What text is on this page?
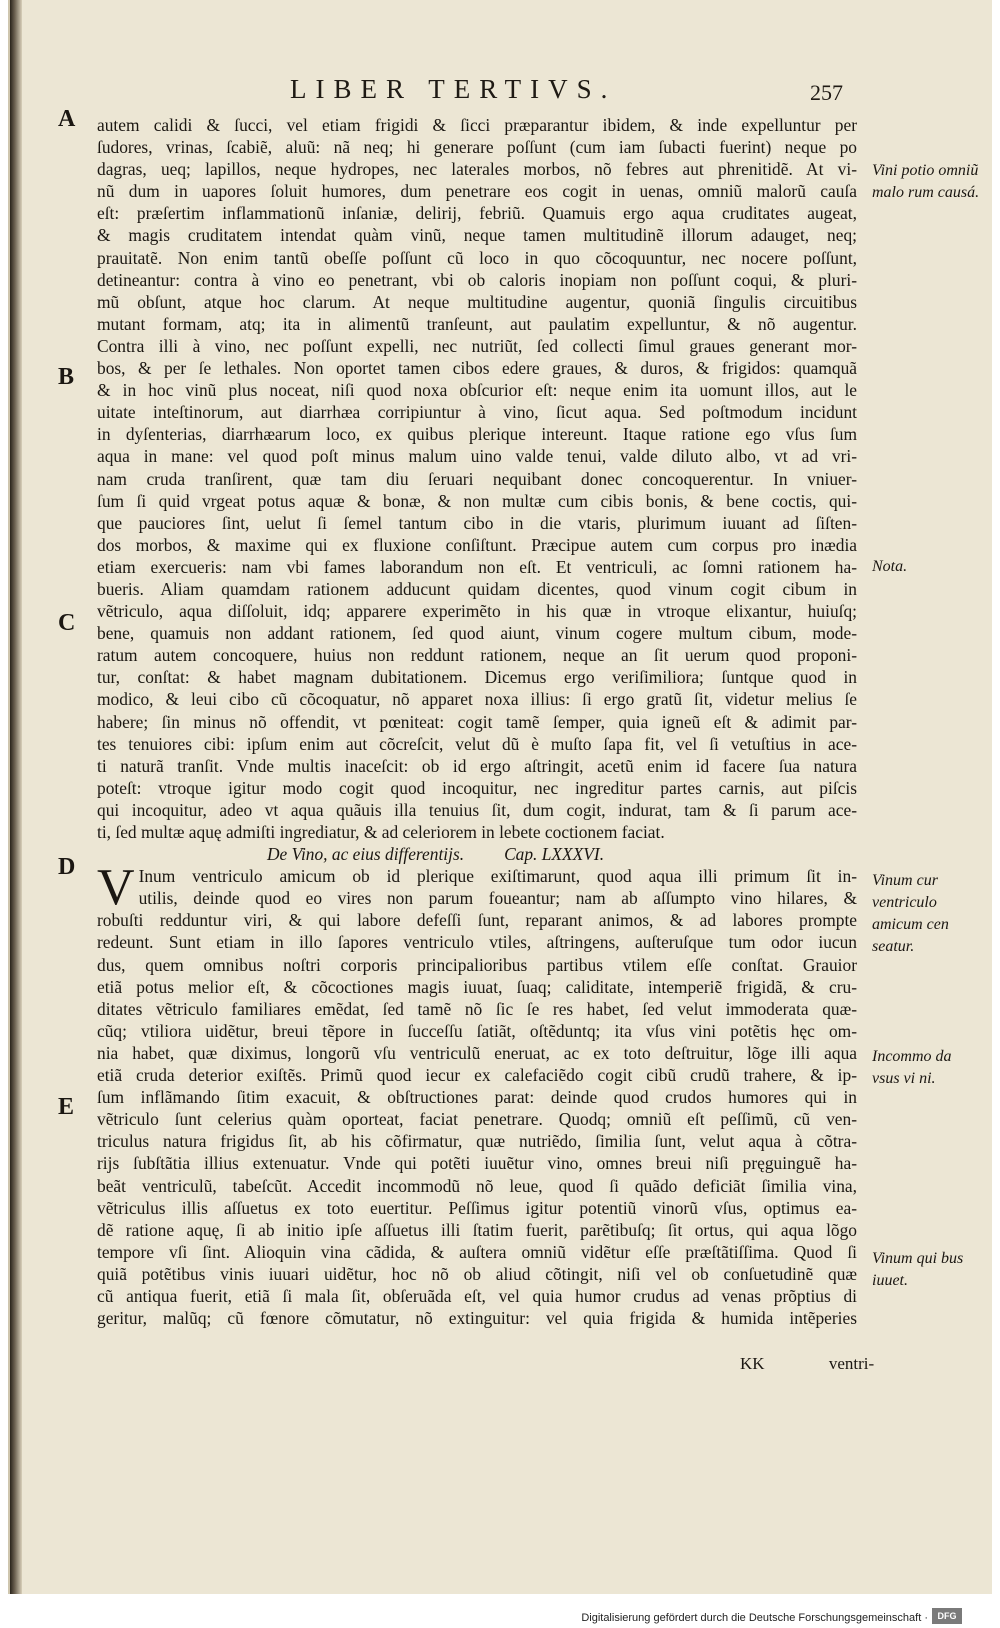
LIBER TERTIVS.	257
A
B
C
D
E
Vini potio omniũ malo rum causá.
Nota.
Vinum cur ventriculo amicum cen seatur.
Incommo da vsus vi ni.
Vinum qui bus iuuet.
autem calidi & ſucci, vel etiam frigidi & ſicci præparantur ibidem, & inde expelluntur per
ſudores, vrinas, ſcabiẽ, aluũ: nã neq; hi generare poſſunt (cum iam ſubacti fuerint) neque po
dagras, ueq; lapillos, neque hydropes, nec laterales morbos, nõ febres aut phrenitidẽ. At vi-
nũ dum in uapores ſoluit humores, dum penetrare eos cogit in uenas, omniũ malorũ cauſa
eſt: præſertim inflammationũ inſaniæ, delirij, febriũ. Quamuis ergo aqua cruditates augeat,
& magis cruditatem intendat quàm vinũ, neque tamen multitudinẽ illorum adauget, neq;
prauitatẽ. Non enim tantũ obeſſe poſſunt cũ loco in quo cõcoquuntur, nec nocere poſſunt,
detineantur: contra à vino eo penetrant, vbi ob caloris inopiam non poſſunt coqui, & pluri-
mũ obſunt, atque hoc clarum. At neque multitudine augentur, quoniã ſingulis circuitibus
mutant formam, atq; ita in alimentũ tranſeunt, aut paulatim expelluntur, & nõ augentur.
Contra illi à vino, nec poſſunt expelli, nec nutriũt, ſed collecti ſimul graues generant mor-
bos, & per ſe lethales. Non oportet tamen cibos edere graues, & duros, & frigidos: quamquã
& in hoc vinũ plus noceat, niſi quod noxa obſcurior eſt: neque enim ita uomunt illos, aut le
uitate inteſtinorum, aut diarrhæa corripiuntur à vino, ſicut aqua. Sed poſtmodum incidunt
in dyſenterias, diarrhæarum loco, ex quibus plerique intereunt. Itaque ratione ego vſus ſum
aqua in mane: vel quod poſt minus malum uino valde tenui, valde diluto albo, vt ad vri-
nam cruda tranſirent, quæ tam diu ſeruari nequibant donec concoquerentur. In vniuer-
ſum ſi quid vrgeat potus aquæ & bonæ, & non multæ cum cibis bonis, & bene coctis, qui-
que pauciores ſint, uelut ſi ſemel tantum cibo in die vtaris, plurimum iuuant ad ſiſten-
dos morbos, & maxime qui ex fluxione conſiſtunt. Præcipue autem cum corpus pro inædia
etiam exercueris: nam vbi fames laborandum non eſt. Et ventriculi, ac ſomni rationem ha-
bueris. Aliam quamdam rationem adducunt quidam dicentes, quod vinum cogit cibum in
vẽtriculo, aqua diſſoluit, idq; apparere experimẽto in his quæ in vtroque elixantur, huiuſq;
bene, quamuis non addant rationem, ſed quod aiunt, vinum cogere multum cibum, mode-
ratum autem concoquere, huius non reddunt rationem, neque an ſit uerum quod proponi-
tur, conſtat: & habet magnam dubitationem. Dicemus ergo veriſimiliora; ſuntque quod in
modico, & leui cibo cũ cõcoquatur, nõ apparet noxa illius: ſi ergo gratũ ſit, videtur melius ſe
habere; ſin minus nõ offendit, vt pœniteat: cogit tamẽ ſemper, quia igneũ eſt & adimit par-
tes tenuiores cibi: ipſum enim aut cõcreſcit, velut dũ è muſto ſapa fit, vel ſi vetuſtius in ace-
ti naturã tranſit. Vnde multis inaceſcit: ob id ergo aſtringit, acetũ enim id facere ſua natura
poteſt: vtroque igitur modo cogit quod incoquitur, nec ingreditur partes carnis, aut piſcis
qui incoquitur, adeo vt aqua quãuis illa tenuius ſit, dum cogit, indurat, tam & ſi parum ace-
ti, ſed multæ aquę admiſti ingrediatur, & ad celeriorem in lebete coctionem faciat.
De Vino, ac eius differentijs. Cap. LXXXVI.
V Inum ventriculo amicum ob id plerique exiſtimarunt, quod aqua illi primum ſit in-
utilis, deinde quod eo vires non parum foueantur; nam ab aſſumpto vino hilares, &
robuſti redduntur viri, & qui labore defeſſi ſunt, reparant animos, & ad labores prompte
redeunt. Sunt etiam in illo ſapores ventriculo vtiles, aſtringens, auſteruſque tum odor iucun
dus, quem omnibus noſtri corporis principalioribus partibus vtilem eſſe conſtat. Grauior
etiã potus melior eſt, & cõcoctiones magis iuuat, ſuaq; caliditate, intemperiẽ frigidã, & cru-
ditates vẽtriculo familiares emẽdat, ſed tamẽ nõ ſic ſe res habet, ſed velut immoderata quæ-
cũq; vtiliora uidẽtur, breui tẽpore in ſucceſſu ſatiãt, oſtẽduntq; ita vſus vini potẽtis hęc om-
nia habet, quæ diximus, longorũ vſu ventriculũ eneruat, ac ex toto deſtruitur, lõge illi aqua
etiã cruda deterior exiſtẽs. Primũ quod iecur ex calefaciẽdo cogit cibũ crudũ trahere, & ip-
ſum inflãmando ſitim exacuit, & obſtructiones parat: deinde quod crudos humores qui in
vẽtriculo ſunt celerius quàm oporteat, faciat penetrare. Quodq; omniũ eſt peſſimũ, cũ ven-
triculus natura frigidus ſit, ab his cõfirmatur, quæ nutriẽdo, ſimilia ſunt, velut aqua à cõtra-
rijs ſubſtãtia illius extenuatur. Vnde qui potẽti iuuẽtur vino, omnes breui niſi pręguinguẽ ha-
beãt ventriculũ, tabeſcũt. Accedit incommodũ nõ leue, quod ſi quãdo deficiãt ſimilia vina,
vẽtriculus illis aſſuetus ex toto euertitur. Peſſimus igitur potentiũ vinorũ vſus, optimus ea-
dẽ ratione aquę, ſi ab initio ipſe aſſuetus illi ſtatim fuerit, parẽtibuſq; ſit ortus, qui aqua lõgo
tempore vſi ſint. Alioquin vina cãdida, & auſtera omniũ vidẽtur eſſe præſtãtiſſima. Quod ſi
quiã potẽtibus vinis iuuari uidẽtur, hoc nõ ob aliud cõtingit, niſi vel ob conſuetudinẽ quæ
cũ antiqua fuerit, etiã ſi mala ſit, obſeruãda eſt, vel quia humor crudus ad venas prõptius di
geritur, malũq; cũ fœnore cõmutatur, nõ extinguitur: vel quia frigida & humida intẽperies
KK	ventri-
Digitalisierung gefördert durch die Deutsche Forschungsgemeinschaft ·	DFG
